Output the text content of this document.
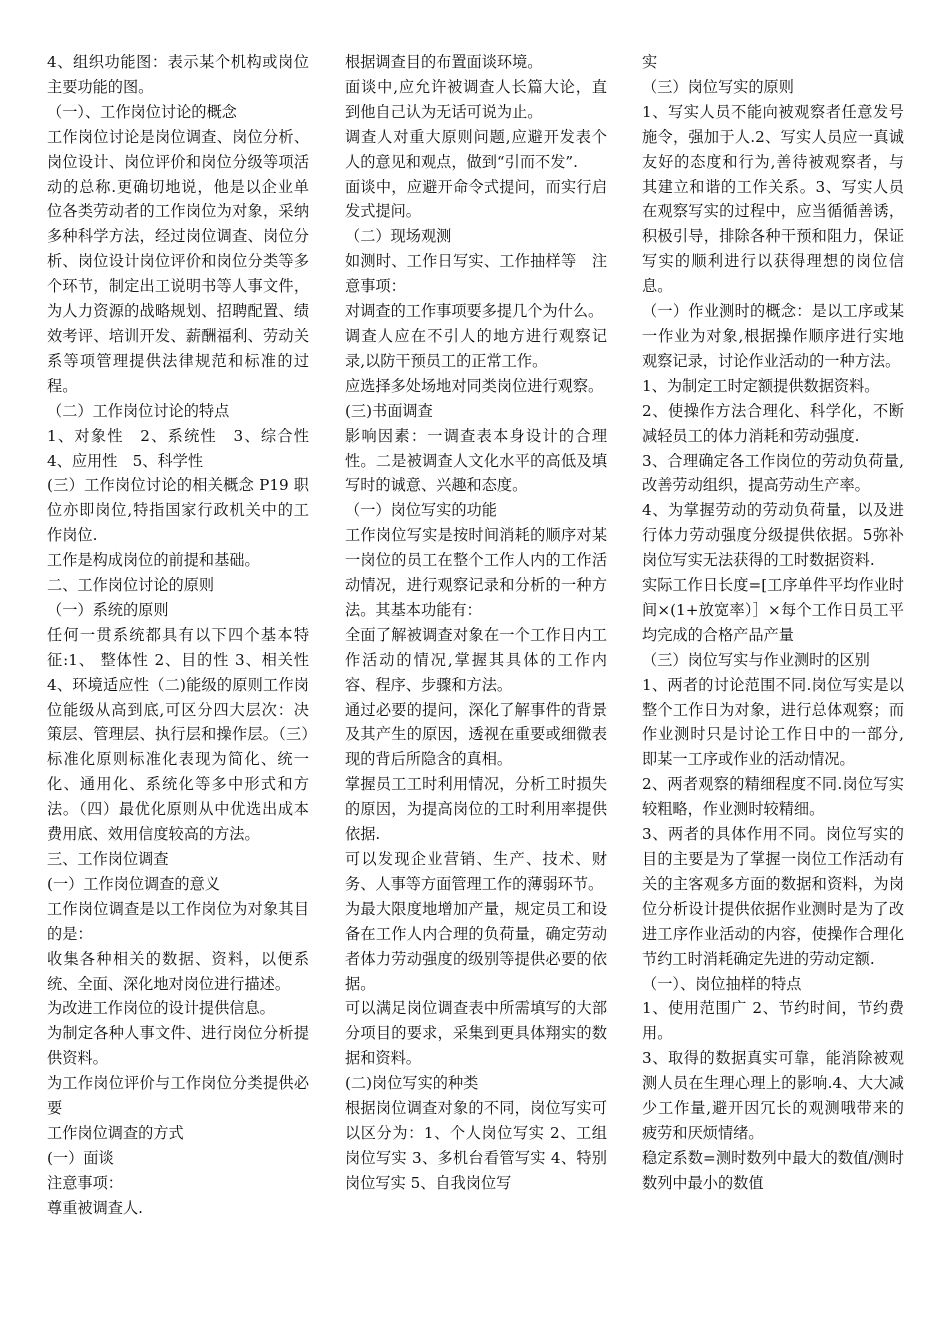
4、组织功能图：表示某个机构或岗位主要功能的图。

（一）、工作岗位讨论的概念

工作岗位讨论是岗位调查、岗位分析、岗位设计、岗位评价和岗位分级等项活动的总称.更确切地说，他是以企业单位各类劳动者的工作岗位为对象，采纳多种科学方法，经过岗位调查、岗位分析、岗位设计岗位评价和岗位分类等多个环节，制定出工说明书等人事文件，为人力资源的战略规划、招聘配置、绩效考评、培训开发、薪酬福利、劳动关系等项管理提供法律规范和标准的过程。

（二）工作岗位讨论的特点

1、对象性　2、系统性　3、综合性　4、应用性　5、科学性

(三）工作岗位讨论的相关概念 P19 职位亦即岗位,特指国家行政机关中的工作岗位.

工作是构成岗位的前提和基础。

二、工作岗位讨论的原则

（一）系统的原则

任何一贯系统都具有以下四个基本特征:1、 整体性 2、目的性 3、相关性 4、环境适应性（二)能级的原则工作岗位能级从高到底,可区分四大层次：决策层、管理层、执行层和操作层。（三）标准化原则标准化表现为简化、统一化、通用化、系统化等多中形式和方法。（四）最优化原则从中优选出成本费用底、效用信度较高的方法。

三、工作岗位调查

(一）工作岗位调查的意义

工作岗位调查是以工作岗位为对象其目的是：

收集各种相关的数据、资料，以便系统、全面、深化地对岗位进行描述。

为改进工作岗位的设计提供信息。

为制定各种人事文件、进行岗位分析提供资料。

为工作岗位评价与工作岗位分类提供必要

工作岗位调查的方式

(一）面谈

注意事项：

尊重被调查人.

根据调查目的布置面谈环境。

面谈中,应允许被调查人长篇大论，直到他自己认为无话可说为止。

调查人对重大原则问题,应避开发表个人的意见和观点，做到“引而不发”.

面谈中，应避开命令式提问，而实行启发式提问。

（二）现场观测

如测时、工作日写实、工作抽样等　注意事项：

对调查的工作事项要多提几个为什么。

调查人应在不引人的地方进行观察记录,以防干预员工的正常工作。

应选择多处场地对同类岗位进行观察。

(三)书面调查

影响因素：一调查表本身设计的合理性。二是被调查人文化水平的高低及填写时的诚意、兴趣和态度。

（一）岗位写实的功能

工作岗位写实是按时间消耗的顺序对某一岗位的员工在整个工作人内的工作活动情况，进行观察记录和分析的一种方法。其基本功能有：

全面了解被调查对象在一个工作日内工作活动的情况,掌握其具体的工作内容、程序、步骤和方法。

通过必要的提问，深化了解事件的背景及其产生的原因，透视在重要或细微表现的背后所隐含的真相。

掌握员工工时利用情况，分析工时损失的原因，为提高岗位的工时利用率提供依据.

可以发现企业营销、生产、技术、财务、人事等方面管理工作的薄弱环节。

为最大限度地增加产量，规定员工和设备在工作人内合理的负荷量，确定劳动者体力劳动强度的级别等提供必要的依据。

可以满足岗位调查表中所需填写的大部分项目的要求，采集到更具体翔实的数据和资料。

(二)岗位写实的种类

根据岗位调查对象的不同，岗位写实可以区分为：1、个人岗位写实 2、工组岗位写实 3、多机台看管写实 4、特别岗位写实 5、自我岗位写

实

（三）岗位写实的原则

1、写实人员不能向被观察者任意发号施令，强加于人.2、写实人员应一真诚友好的态度和行为,善待被观察者，与其建立和谐的工作关系。3、写实人员在观察写实的过程中，应当循循善诱，积极引导，排除各种干预和阻力，保证写实的顺利进行以获得理想的岗位信息。

（一）作业测时的概念：是以工序或某一作业为对象,根据操作顺序进行实地观察记录，讨论作业活动的一种方法。

1、为制定工时定额提供数据资料。

2、使操作方法合理化、科学化，不断减轻员工的体力消耗和劳动强度.

3、合理确定各工作岗位的劳动负荷量,改善劳动组织，提高劳动生产率。

4、为掌握劳动的劳动负荷量，以及进行体力劳动强度分级提供依据。5弥补岗位写实无法获得的工时数据资料.

实际工作日长度=[工序单件平均作业时间×(1+放宽率）］×每个工作日员工平均完成的合格产品产量

（三）岗位写实与作业测时的区别

1、两者的讨论范围不同.岗位写实是以整个工作日为对象，进行总体观察；而作业测时只是讨论工作日中的一部分,即某一工序或作业的活动情况。

2、两者观察的精细程度不同.岗位写实较粗略，作业测时较精细。

3、两者的具体作用不同。岗位写实的目的主要是为了掌握一岗位工作活动有关的主客观多方面的数据和资料，为岗位分析设计提供依据作业测时是为了改进工序作业活动的内容，使操作合理化节约工时消耗确定先进的劳动定额.

（一）、岗位抽样的特点

1、使用范围广 2、节约时间，节约费用。

3、取得的数据真实可靠，能消除被观测人员在生理心理上的影响.4、大大减少工作量,避开因冗长的观测哦带来的疲劳和厌烦情绪。

稳定系数=测时数列中最大的数值/测时数列中最小的数值
